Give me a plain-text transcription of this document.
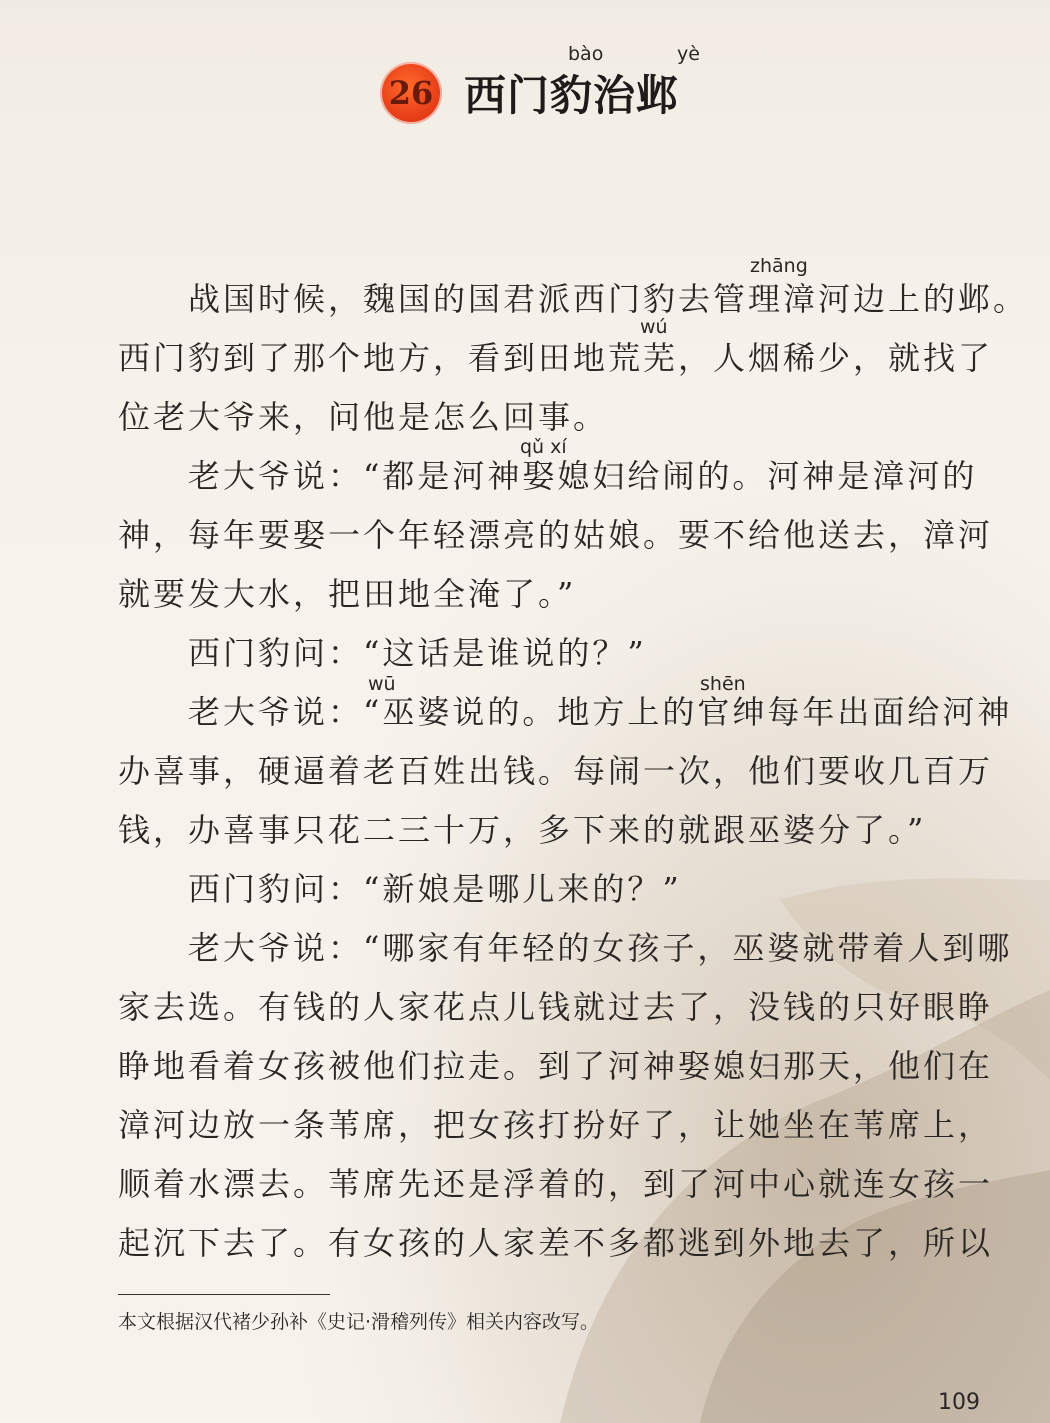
bào	yè
26 西门豹治邺
zhāng
wú
qǔ xí
wū	shēn
　　战国时候，魏国的国君派西门豹去管理漳河边上的邺。
西门豹到了那个地方，看到田地荒芜，人烟稀少，就找了
位老大爷来，问他是怎么回事。
　　老大爷说：“都是河神娶媳妇给闹的。河神是漳河的
神，每年要娶一个年轻漂亮的姑娘。要不给他送去，漳河
就要发大水，把田地全淹了。”
　　西门豹问：“这话是谁说的？”
　　老大爷说：“巫婆说的。地方上的官绅每年出面给河神
办喜事，硬逼着老百姓出钱。每闹一次，他们要收几百万
钱，办喜事只花二三十万，多下来的就跟巫婆分了。”
　　西门豹问：“新娘是哪儿来的？”
　　老大爷说：“哪家有年轻的女孩子，巫婆就带着人到哪
家去选。有钱的人家花点儿钱就过去了，没钱的只好眼睁
睁地看着女孩被他们拉走。到了河神娶媳妇那天，他们在
漳河边放一条苇席，把女孩打扮好了，让她坐在苇席上，
顺着水漂去。苇席先还是浮着的，到了河中心就连女孩一
起沉下去了。有女孩的人家差不多都逃到外地去了，所以
本文根据汉代褚少孙补《史记·滑稽列传》相关内容改写。
109
